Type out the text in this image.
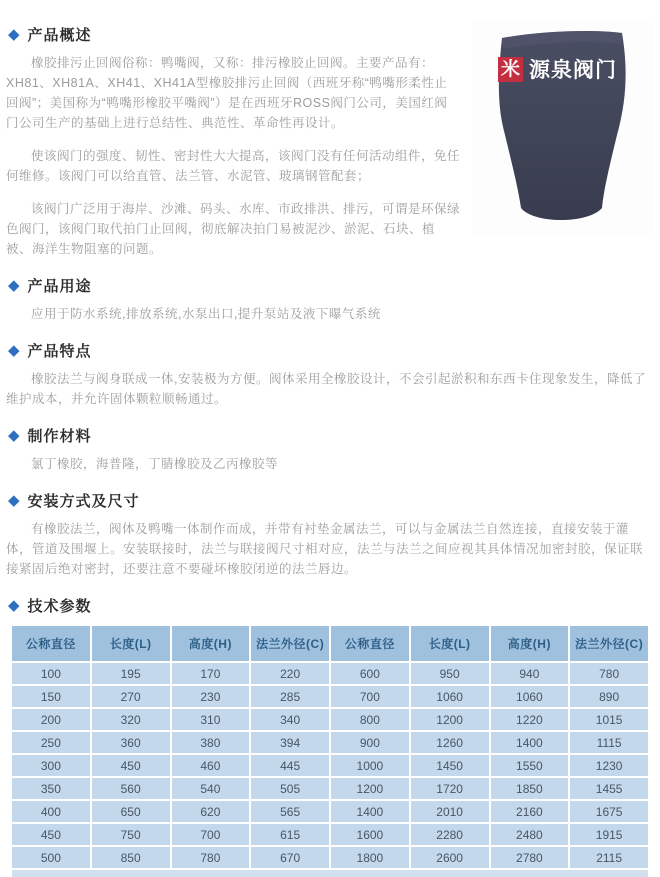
米 源泉阀门
◆ 产品概述

橡胶排污止回阀俗称：鸭嘴阀，又称：排污橡胶止回阀。主要产品有：XH81、XH81A、XH41、XH41A型橡胶排污止回阀（西班牙称“鸭嘴形柔性止回阀”；美国称为“鸭嘴形橡胶平嘴阀”）是在西班牙ROSS阀门公司，美国红阀门公司生产的基础上进行总结性、典范性、革命性再设计。

使该阀门的强度、韧性、密封性大大提高，该阀门没有任何活动组件，免任何维修。该阀门可以给直管、法兰管、水泥管、玻璃钢管配套；

该阀门广泛用于海岸、沙滩、码头、水库、市政排洪、排污，可谓是环保绿色阀门，该阀门取代拍门止回阀，彻底解决拍门易被泥沙、淤泥、石块、植被、海洋生物阻塞的问题。

◆ 产品用途

应用于防水系统,排放系统,水泵出口,提升泵站及液下曝气系统

◆ 产品特点

橡胶法兰与阀身联成一体,安装极为方便。阀体采用全橡胶设计，不会引起淤积和东西卡住现象发生，降低了维护成本，并允许固体颗粒顺畅通过。

◆ 制作材料

氯丁橡胶，海普隆，丁腈橡胶及乙丙橡胶等

◆ 安装方式及尺寸

有橡胶法兰，阀体及鸭嘴一体制作而成，并带有衬垫金属法兰，可以与金属法兰自然连接，直接安装于灌体，管道及围堰上。安装联接时，法兰与联接阀尺寸相对应，法兰与法兰之间应视其具体情况加密封胶，保证联接紧固后绝对密封，还要注意不要碰坏橡胶闭逆的法兰唇边。

◆ 技术参数
公称直径	长度(L)	高度(H)	法兰外径(C)	公称直径	长度(L)	高度(H)	法兰外径(C)
100	195	170	220	600	950	940	780
150	270	230	285	700	1060	1060	890
200	320	310	340	800	1200	1220	1015
250	360	380	394	900	1260	1400	1115
300	450	460	445	1000	1450	1550	1230
350	560	540	505	1200	1720	1850	1455
400	650	620	565	1400	2010	2160	1675
450	750	700	615	1600	2280	2480	1915
500	850	780	670	1800	2600	2780	2115
